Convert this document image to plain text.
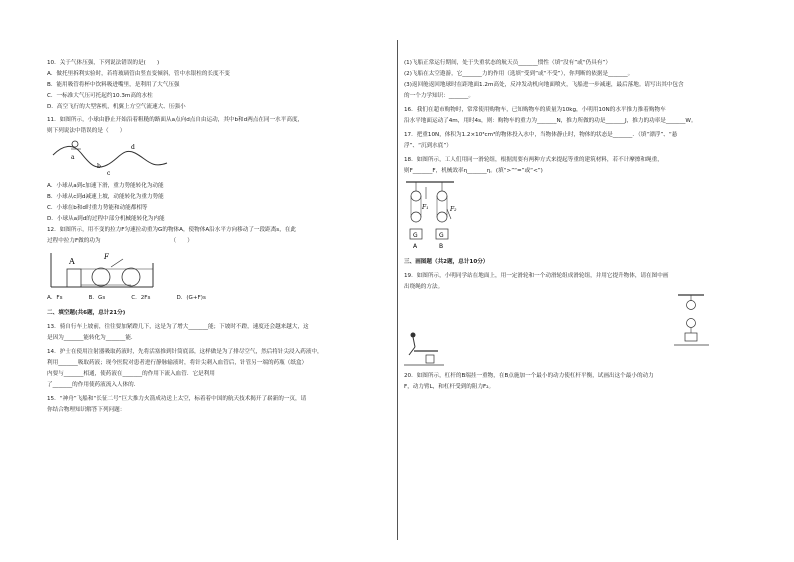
10．关于气体压强，下列说法错误的是(　　)

A．做托里拆利实验时，若将玻璃管由竖直变倾斜，管中水银柱的长度不变

B．能用吸管将杯中饮料吸进嘴里，是利用了大气压强

C．一标准大气压可托起约10.3m高的水柱

D．高空飞行的大型客机，机翼上方空气流速大、压强小

11．如图所示，小球由静止开始沿着粗糙的路面从a点向d点自由运动，其中b和d两点在同一水平高度，

则下列说法中错误的是（　　）

a
b
c
d

A．小球从a到c加速下滑，重力势能转化为动能

B．小球从c到d减速上坡，动能转化为重力势能

C．小球在b和d时重力势能和动能都相等

D．小球从a到d的过程中部分机械能转化为内能

12．如图所示，用不变的拉力F匀速拉动重为G的物体A，使物体A沿水平方向移动了一段距离s，在此

过程中拉力F做的功为　　　　　　　　　　　　　（　　）

A	F

A．Fs	B．Gs	C．2Fs	D．(G+F)s

二、填空题(共6题，总计21分)

13．骑自行车上坡前，往往要加紧蹬几下，这是为了增大_______能；下坡时不蹬，速度还会越来越大，这

是因为_______能转化为_______能．

14．护士在使用注射器吸取药液时，先将活塞推到针筒底部，这样做是为了排尽空气，然后将针尖浸入药液中，

利用_______吸取药液；现今医院对患者进行静脉输液时，将针尖刺入血管后，针管另一端的药瓶（纸盒）

内要与_______相通，使药液在_______的作用下流入血管．它是利用

了_______的作用使药液流入人体的．

15．“神舟”飞船和“长征二号”巨大推力火箭成功送上太空，标着着中国的航天技术揭开了崭新的一页，请

你结合物理知识解答下列问题：

(1)飞船正常运行期间，处于失重状态的航天员_______惯性（填“没有”或“仍具有”）

(2)飞船在太空遨游，它_______力的作用（选填“受到”或“不受”），你判断的依据是_______。

(3)返回舱返回地球时在距地面1.2m高处，反冲发动机向地面喷火，飞船进一步减速，最后落地。请写出其中包含

的一个力学知识：_______。

16．我们在超市购物时，常常使用购物车，已知购物车的质量为10kg，小明用10N的水平推力推着购物车

沿水平地面运动了4m，用时4s，则：购物车的重力为_______N，推力所做的功是_______J，推力的功率是_______W。

17．把重10N，体积为1.2×10³cm³的物体投入水中，当物体静止时，物体的状态是_______．（填“漂浮”、“悬

浮”、“沉到水底”）

18．如图所示，工人们用同一滑轮组，根据需要有两种方式来提起等重的建筑材料，若不计摩擦和绳重，

则F_______F，机械效率η_______η。(填“>”“=”或“<”)

F₁
G
A
F₂
G
B

三、画图题（共2题，总计10分）

19．如图所示，小明同学站在地面上，用一定滑轮和一个动滑轮组成滑轮组，并用它提升物体，请在图中画

出绕绳的方法。

20．如图所示，杠杆的B端挂一重物，在B点施加一个最小的动力使杠杆平衡，试画出这个最小的动力

F，动力臂L，和杠杆受到的阻力F₂。
